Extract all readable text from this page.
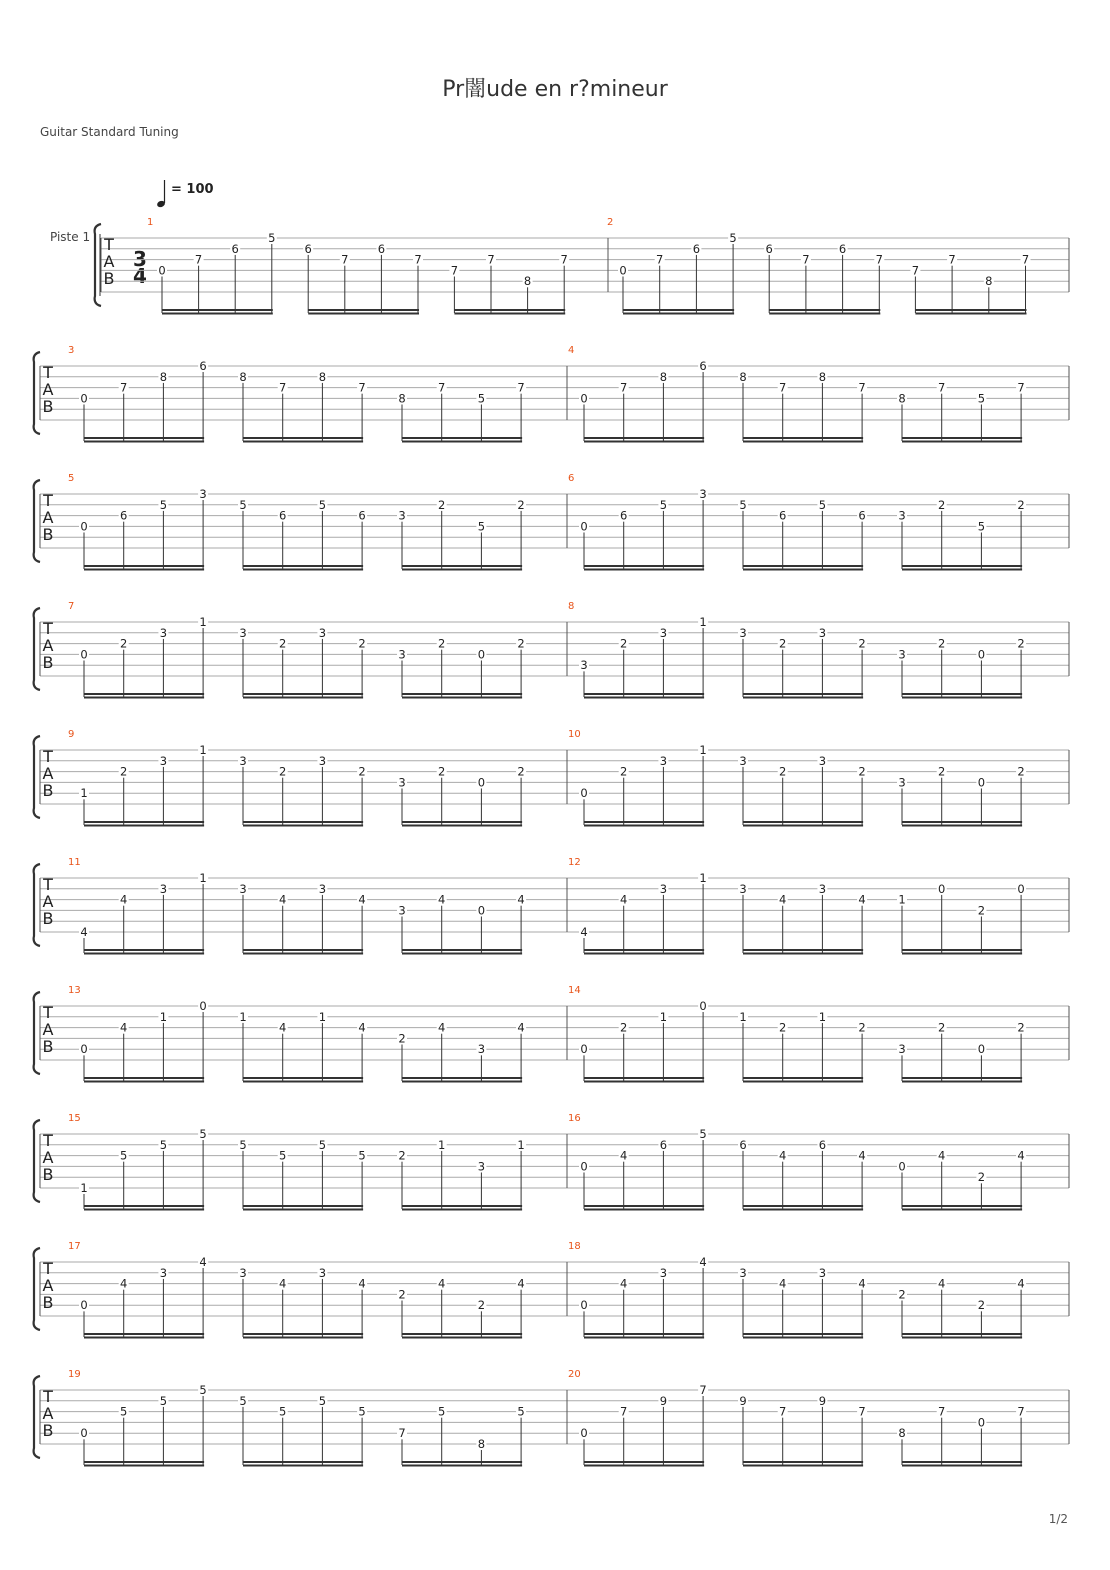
Pr闇ude en r?mineur
Guitar Standard Tuning
= 100
Piste 1
3
4
T
A
B
1
0
7
6
5
6
7
6
7
7
7
8
7
2
0
7
6
5
6
7
6
7
7
7
8
7
T
A
B
3
0
7
8
6
8
7
8
7
8
7
5
7
4
0
7
8
6
8
7
8
7
8
7
5
7
T
A
B
5
0
6
5
3
5
6
5
6	3
2
5
2
6
0
6
5
3
5
6
5
6	3
2
5
2
T
A
B
7
0
2
3
1
3
2
3
2
3
2
0
2
8
3
2
3
1
3
2
3
2
3
2
0
2
T
A
B
9
1
2
3
1
3
2
3
2
3
2
0
2
10
0
2
3
1
3
2
3
2
3
2
0
2
T
A
B
11
4
4
3
1
3
4
3
4
3
4
0
4
12
4
4
3
1
3
4
3
4	1
0
2
0
T
A
B
13
0
4
1
0
1
4
1
4
2
4
3
4
14
0
2
1
0
1
2
1
2
3
2
0
2
T
A
B
15
1
5
5
5
5
5
5
5	2
1
3
1
16
0
4
6
5
6
4
6
4
0
4
2
4
T
A
B
17
0
4
3
4
3
4
3
4
2
4
2
4
18
0
4
3
4
3
4
3
4
2
4
2
4
T
A
B
19
0
5
5
5
5
5
5
5
7
5
8
5
20
0
7
9
7
9
7
9
7
8
7
0
7
1/2
